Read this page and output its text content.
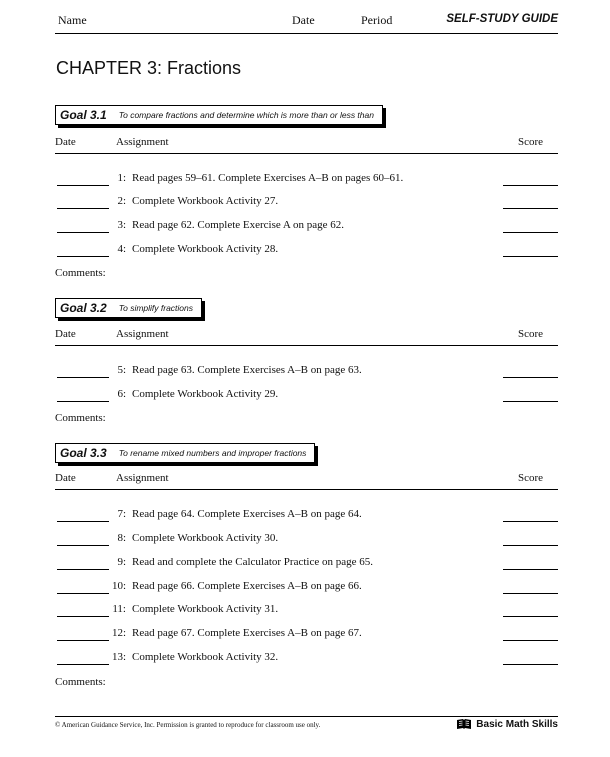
Name	Date	Period	SELF-STUDY GUIDE
CHAPTER 3: Fractions
Goal 3.1 To compare fractions and determine which is more than or less than
Date	Assignment	Score
1: Read pages 59–61. Complete Exercises A–B on pages 60–61.
2: Complete Workbook Activity 27.
3: Read page 62. Complete Exercise A on page 62.
4: Complete Workbook Activity 28.
Comments:
Goal 3.2 To simplify fractions
Date	Assignment	Score
5: Read page 63. Complete Exercises A–B on page 63.
6: Complete Workbook Activity 29.
Comments:
Goal 3.3 To rename mixed numbers and improper fractions
Date	Assignment	Score
7: Read page 64. Complete Exercises A–B on page 64.
8: Complete Workbook Activity 30.
9: Read and complete the Calculator Practice on page 65.
10: Read page 66. Complete Exercises A–B on page 66.
11: Complete Workbook Activity 31.
12: Read page 67. Complete Exercises A–B on page 67.
13: Complete Workbook Activity 32.
Comments:
© American Guidance Service, Inc. Permission is granted to reproduce for classroom use only.	Basic Math Skills
